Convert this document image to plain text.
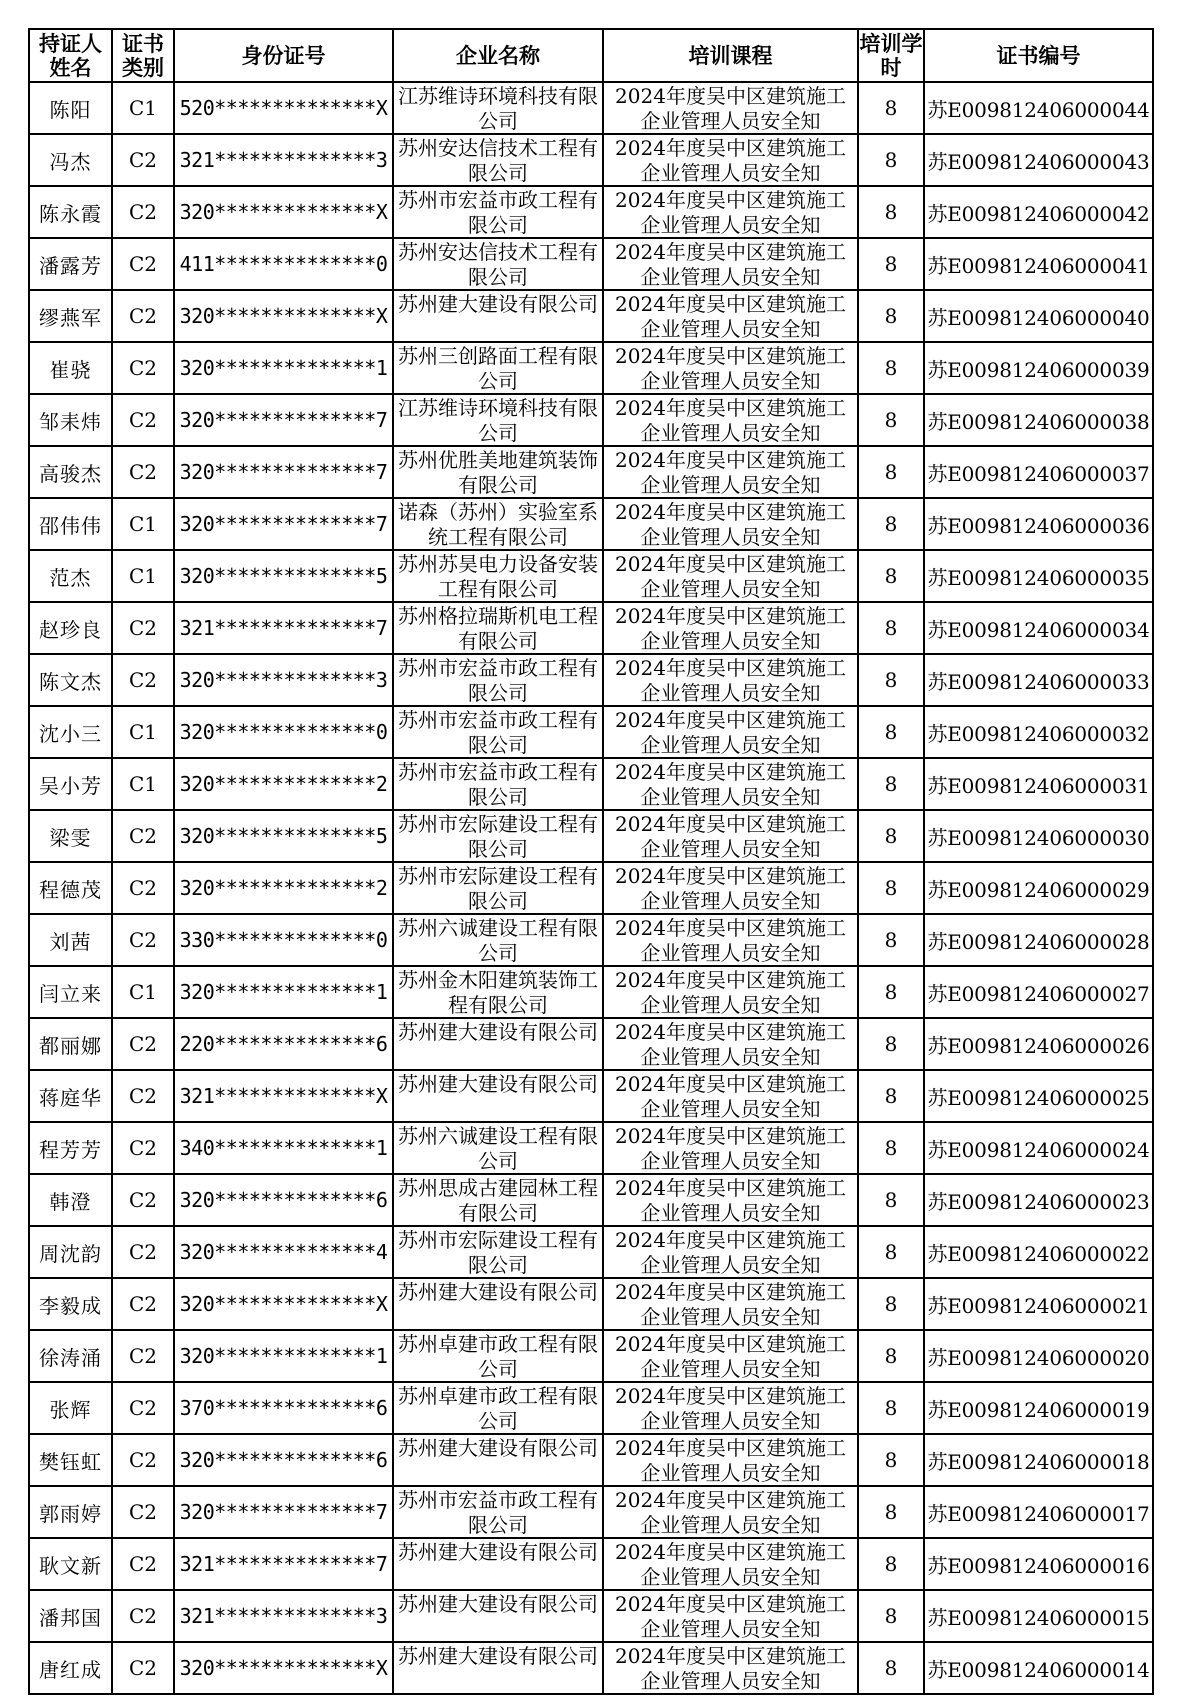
持证人姓名	证书类别	身份证号	企业名称	培训课程	培训学时	证书编号
陈阳	C1	520**************X	江苏维诗环境科技有限公司	2024年度吴中区建筑施工企业管理人员安全知	8	苏E009812406000044
冯杰	C2	321**************3	苏州安达信技术工程有限公司	2024年度吴中区建筑施工企业管理人员安全知	8	苏E009812406000043
陈永霞	C2	320**************X	苏州市宏益市政工程有限公司	2024年度吴中区建筑施工企业管理人员安全知	8	苏E009812406000042
潘露芳	C2	411**************0	苏州安达信技术工程有限公司	2024年度吴中区建筑施工企业管理人员安全知	8	苏E009812406000041
缪燕军	C2	320**************X	苏州建大建设有限公司	2024年度吴中区建筑施工企业管理人员安全知	8	苏E009812406000040
崔骁	C2	320**************1	苏州三创路面工程有限公司	2024年度吴中区建筑施工企业管理人员安全知	8	苏E009812406000039
邹耒炜	C2	320**************7	江苏维诗环境科技有限公司	2024年度吴中区建筑施工企业管理人员安全知	8	苏E009812406000038
高骏杰	C2	320**************7	苏州优胜美地建筑装饰有限公司	2024年度吴中区建筑施工企业管理人员安全知	8	苏E009812406000037
邵伟伟	C1	320**************7	诺森（苏州）实验室系统工程有限公司	2024年度吴中区建筑施工企业管理人员安全知	8	苏E009812406000036
范杰	C1	320**************5	苏州苏昊电力设备安装工程有限公司	2024年度吴中区建筑施工企业管理人员安全知	8	苏E009812406000035
赵珍良	C2	321**************7	苏州格拉瑞斯机电工程有限公司	2024年度吴中区建筑施工企业管理人员安全知	8	苏E009812406000034
陈文杰	C2	320**************3	苏州市宏益市政工程有限公司	2024年度吴中区建筑施工企业管理人员安全知	8	苏E009812406000033
沈小三	C1	320**************0	苏州市宏益市政工程有限公司	2024年度吴中区建筑施工企业管理人员安全知	8	苏E009812406000032
吴小芳	C1	320**************2	苏州市宏益市政工程有限公司	2024年度吴中区建筑施工企业管理人员安全知	8	苏E009812406000031
梁雯	C2	320**************5	苏州市宏际建设工程有限公司	2024年度吴中区建筑施工企业管理人员安全知	8	苏E009812406000030
程德茂	C2	320**************2	苏州市宏际建设工程有限公司	2024年度吴中区建筑施工企业管理人员安全知	8	苏E009812406000029
刘茜	C2	330**************0	苏州六诚建设工程有限公司	2024年度吴中区建筑施工企业管理人员安全知	8	苏E009812406000028
闫立来	C1	320**************1	苏州金木阳建筑装饰工程有限公司	2024年度吴中区建筑施工企业管理人员安全知	8	苏E009812406000027
都丽娜	C2	220**************6	苏州建大建设有限公司	2024年度吴中区建筑施工企业管理人员安全知	8	苏E009812406000026
蒋庭华	C2	321**************X	苏州建大建设有限公司	2024年度吴中区建筑施工企业管理人员安全知	8	苏E009812406000025
程芳芳	C2	340**************1	苏州六诚建设工程有限公司	2024年度吴中区建筑施工企业管理人员安全知	8	苏E009812406000024
韩澄	C2	320**************6	苏州思成古建园林工程有限公司	2024年度吴中区建筑施工企业管理人员安全知	8	苏E009812406000023
周沈韵	C2	320**************4	苏州市宏际建设工程有限公司	2024年度吴中区建筑施工企业管理人员安全知	8	苏E009812406000022
李毅成	C2	320**************X	苏州建大建设有限公司	2024年度吴中区建筑施工企业管理人员安全知	8	苏E009812406000021
徐涛涌	C2	320**************1	苏州卓建市政工程有限公司	2024年度吴中区建筑施工企业管理人员安全知	8	苏E009812406000020
张辉	C2	370**************6	苏州卓建市政工程有限公司	2024年度吴中区建筑施工企业管理人员安全知	8	苏E009812406000019
樊钰虹	C2	320**************6	苏州建大建设有限公司	2024年度吴中区建筑施工企业管理人员安全知	8	苏E009812406000018
郭雨婷	C2	320**************7	苏州市宏益市政工程有限公司	2024年度吴中区建筑施工企业管理人员安全知	8	苏E009812406000017
耿文新	C2	321**************7	苏州建大建设有限公司	2024年度吴中区建筑施工企业管理人员安全知	8	苏E009812406000016
潘邦国	C2	321**************3	苏州建大建设有限公司	2024年度吴中区建筑施工企业管理人员安全知	8	苏E009812406000015
唐红成	C2	320**************X	苏州建大建设有限公司	2024年度吴中区建筑施工企业管理人员安全知	8	苏E009812406000014
